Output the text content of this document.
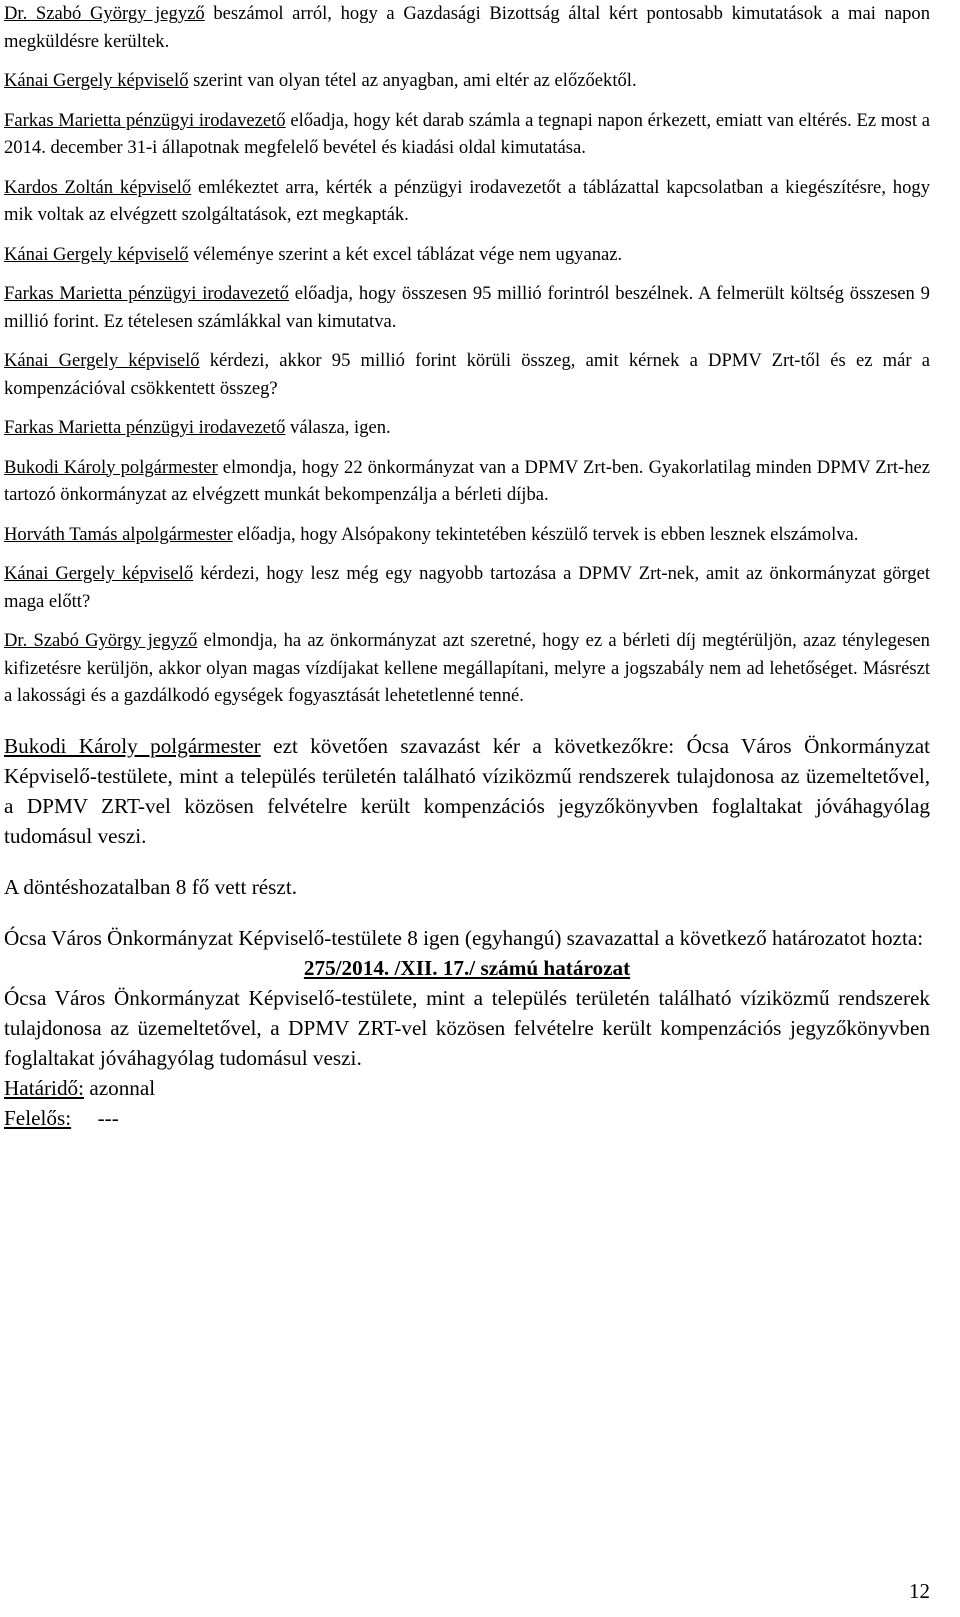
Dr. Szabó György jegyző beszámol arról, hogy a Gazdasági Bizottság által kért pontosabb kimutatások a mai napon megküldésre kerültek.

Kánai Gergely képviselő szerint van olyan tétel az anyagban, ami eltér az előzőektől.

Farkas Marietta pénzügyi irodavezető előadja, hogy két darab számla a tegnapi napon érkezett, emiatt van eltérés. Ez most a 2014. december 31-i állapotnak megfelelő bevétel és kiadási oldal kimutatása.

Kardos Zoltán képviselő emlékeztet arra, kérték a pénzügyi irodavezetőt a táblázattal kapcsolatban a kiegészítésre, hogy mik voltak az elvégzett szolgáltatások, ezt megkapták.

Kánai Gergely képviselő véleménye szerint a két excel táblázat vége nem ugyanaz.

Farkas Marietta pénzügyi irodavezető előadja, hogy összesen 95 millió forintról beszélnek. A felmerült költség összesen 9 millió forint. Ez tételesen számlákkal van kimutatva.

Kánai Gergely képviselő kérdezi, akkor 95 millió forint körüli összeg, amit kérnek a DPMV Zrt-től és ez már a kompenzációval csökkentett összeg?

Farkas Marietta pénzügyi irodavezető válasza, igen.

Bukodi Károly polgármester elmondja, hogy 22 önkormányzat van a DPMV Zrt-ben. Gyakorlatilag minden DPMV Zrt-hez tartozó önkormányzat az elvégzett munkát bekompenzálja a bérleti díjba.

Horváth Tamás alpolgármester előadja, hogy Alsópakony tekintetében készülő tervek is ebben lesznek elszámolva.

Kánai Gergely képviselő kérdezi, hogy lesz még egy nagyobb tartozása a DPMV Zrt-nek, amit az önkormányzat görget maga előtt?

Dr. Szabó György jegyző elmondja, ha az önkormányzat azt szeretné, hogy ez a bérleti díj megtérüljön, azaz ténylegesen kifizetésre kerüljön, akkor olyan magas vízdíjakat kellene megállapítani, melyre a jogszabály nem ad lehetőséget. Másrészt a lakossági és a gazdálkodó egységek fogyasztását lehetetlenné tenné.

Bukodi Károly polgármester ezt követően szavazást kér a következőkre: Ócsa Város Önkormányzat Képviselő-testülete, mint a település területén található víziközmű rendszerek tulajdonosa az üzemeltetővel, a DPMV ZRT-vel közösen felvételre került kompenzációs jegyzőkönyvben foglaltakat jóváhagyólag tudomásul veszi.

A döntéshozatalban 8 fő vett részt.

Ócsa Város Önkormányzat Képviselő-testülete 8 igen (egyhangú) szavazattal a következő határozatot hozta:

275/2014. /XII. 17./ számú határozat

Ócsa Város Önkormányzat Képviselő-testülete, mint a település területén található víziközmű rendszerek tulajdonosa az üzemeltetővel, a DPMV ZRT-vel közösen felvételre került kompenzációs jegyzőkönyvben foglaltakat jóváhagyólag tudomásul veszi.

Határidő: azonnal

Felelős:     ---

12
